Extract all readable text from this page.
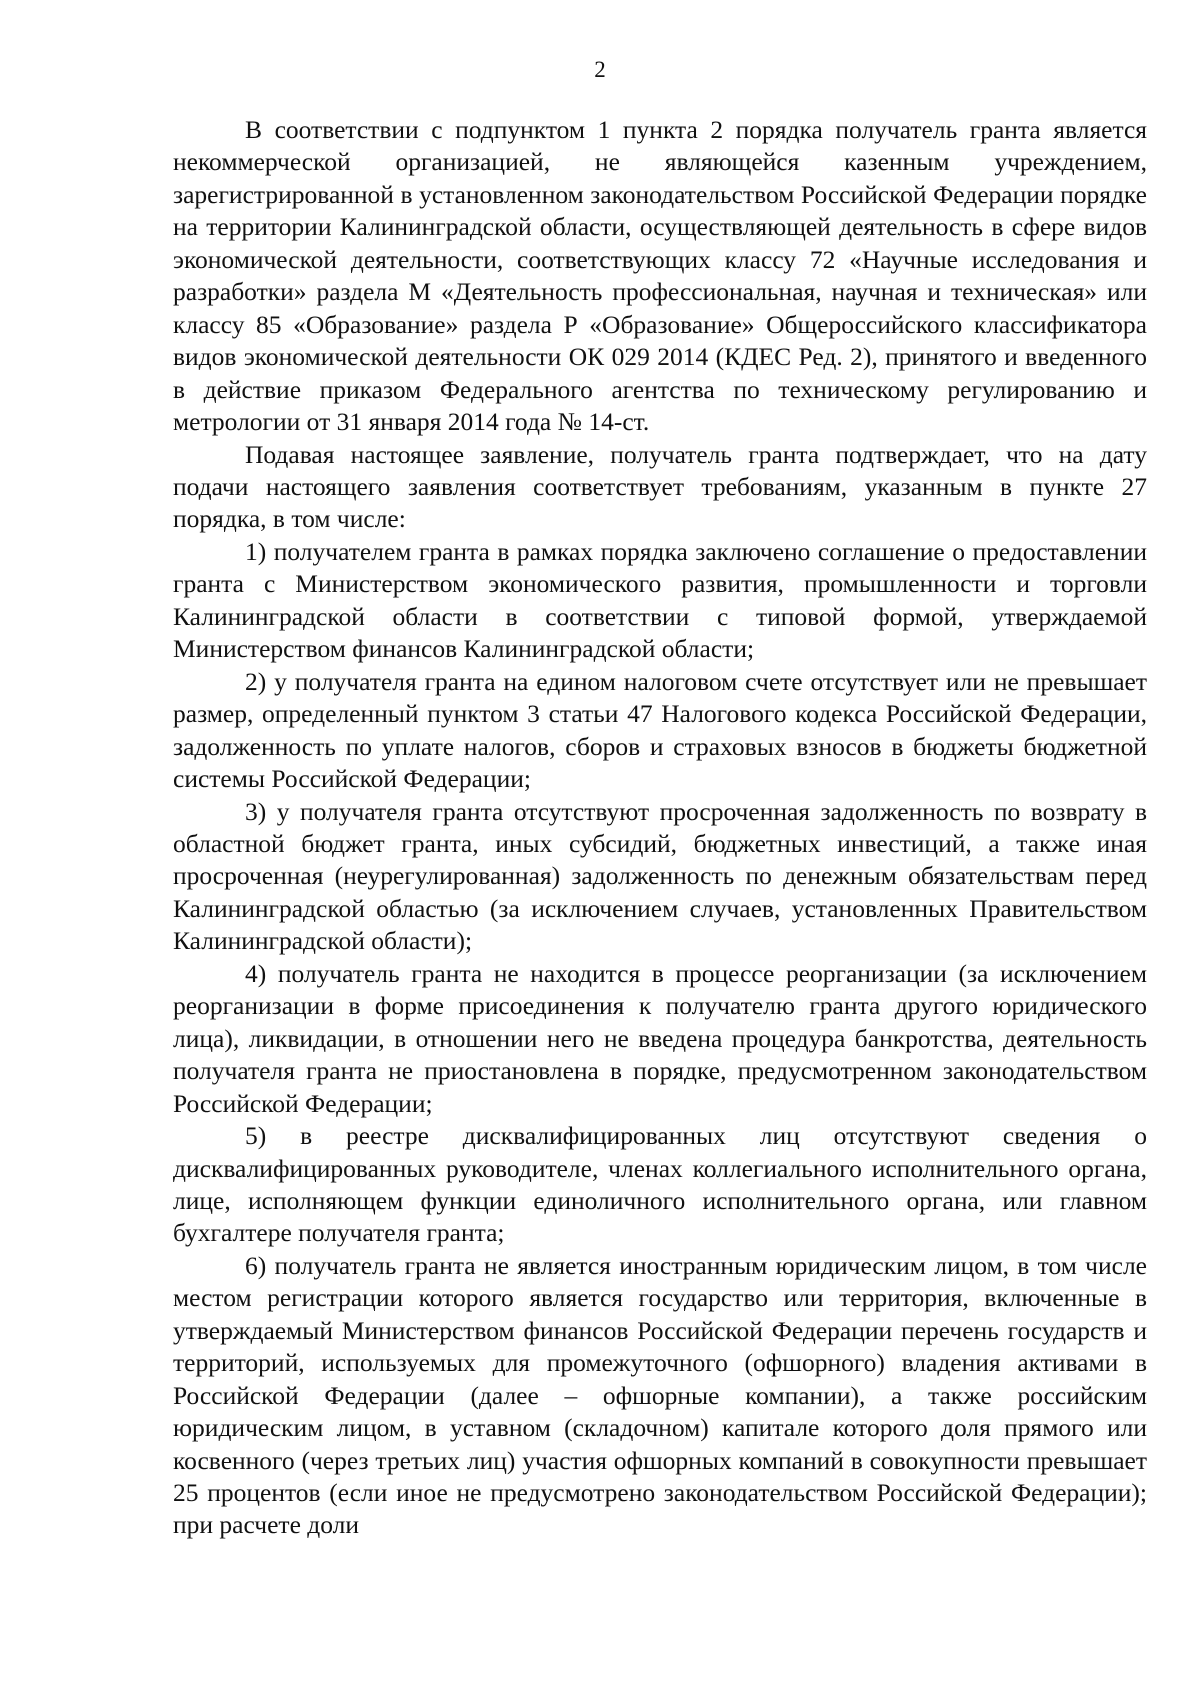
2

В соответствии с подпунктом 1 пункта 2 порядка получатель гранта является некоммерческой организацией, не являющейся казенным учреждением, зарегистрированной в установленном законодательством Российской Федерации порядке на территории Калининградской области, осуществляющей деятельность в сфере видов экономической деятельности, соответствующих классу 72 «Научные исследования и разработки» раздела М «Деятельность профессиональная, научная и техническая» или классу 85 «Образование» раздела Р «Образование» Общероссийского классификатора видов экономической деятельности ОК 029 2014 (КДЕС Ред. 2), принятого и введенного в действие приказом Федерального агентства по техническому регулированию и метрологии от 31 января 2014 года № 14-ст.

Подавая настоящее заявление, получатель гранта подтверждает, что на дату подачи настоящего заявления соответствует требованиям, указанным в пункте 27 порядка, в том числе:

1) получателем гранта в рамках порядка заключено соглашение о предоставлении гранта с Министерством экономического развития, промышленности и торговли Калининградской области в соответствии с типовой формой, утверждаемой Министерством финансов Калининградской области;

2) у получателя гранта на едином налоговом счете отсутствует или не превышает размер, определенный пунктом 3 статьи 47 Налогового кодекса Российской Федерации, задолженность по уплате налогов, сборов и страховых взносов в бюджеты бюджетной системы Российской Федерации;

3) у получателя гранта отсутствуют просроченная задолженность по возврату в областной бюджет гранта, иных субсидий, бюджетных инвестиций, а также иная просроченная (неурегулированная) задолженность по денежным обязательствам перед Калининградской областью (за исключением случаев, установленных Правительством Калининградской области);

4) получатель гранта не находится в процессе реорганизации (за исключением реорганизации в форме присоединения к получателю гранта другого юридического лица), ликвидации, в отношении него не введена процедура банкротства, деятельность получателя гранта не приостановлена в порядке, предусмотренном законодательством Российской Федерации;

5) в реестре дисквалифицированных лиц отсутствуют сведения о дисквалифицированных руководителе, членах коллегиального исполнительного органа, лице, исполняющем функции единоличного исполнительного органа, или главном бухгалтере получателя гранта;

6) получатель гранта не является иностранным юридическим лицом, в том числе местом регистрации которого является государство или территория, включенные в утверждаемый Министерством финансов Российской Федерации перечень государств и территорий, используемых для промежуточного (офшорного) владения активами в Российской Федерации (далее – офшорные компании), а также российским юридическим лицом, в уставном (складочном) капитале которого доля прямого или косвенного (через третьих лиц) участия офшорных компаний в совокупности превышает 25 процентов (если иное не предусмотрено законодательством Российской Федерации); при расчете доли
